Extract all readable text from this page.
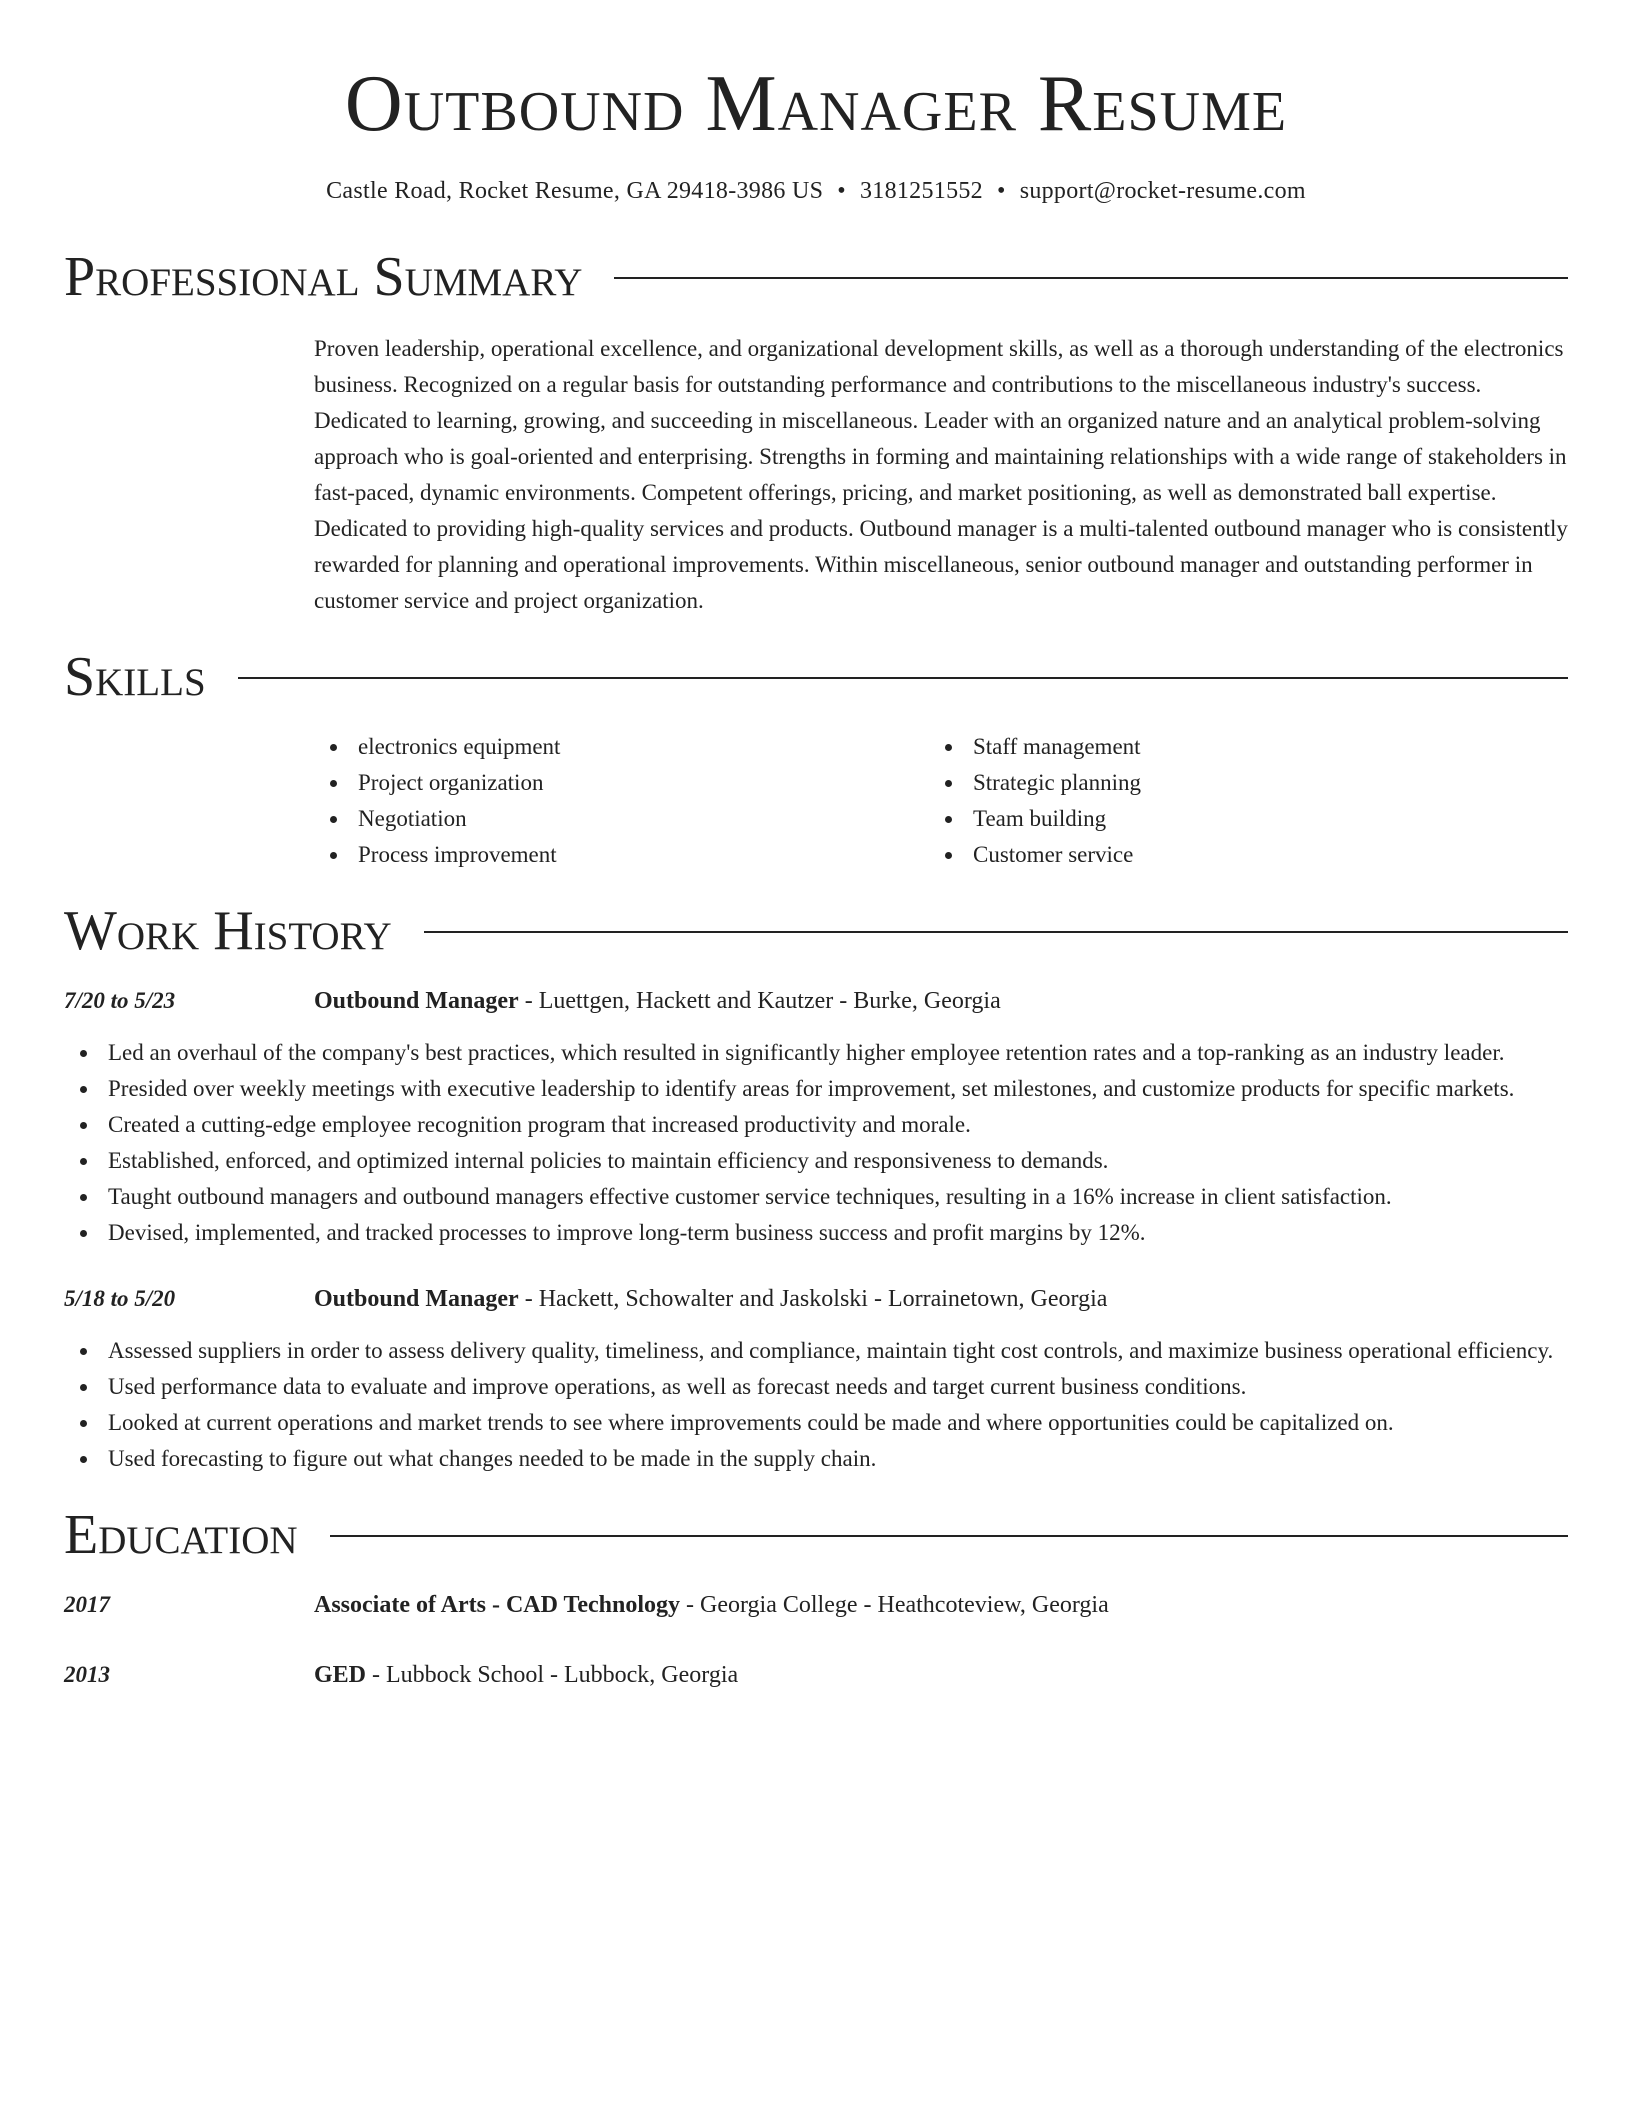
Outbound Manager Resume
Castle Road, Rocket Resume, GA 29418-3986 US • 3181251552 • support@rocket-resume.com
Professional Summary
Proven leadership, operational excellence, and organizational development skills, as well as a thorough understanding of the electronics business. Recognized on a regular basis for outstanding performance and contributions to the miscellaneous industry's success. Dedicated to learning, growing, and succeeding in miscellaneous. Leader with an organized nature and an analytical problem-solving approach who is goal-oriented and enterprising. Strengths in forming and maintaining relationships with a wide range of stakeholders in fast-paced, dynamic environments. Competent offerings, pricing, and market positioning, as well as demonstrated ball expertise. Dedicated to providing high-quality services and products. Outbound manager is a multi-talented outbound manager who is consistently rewarded for planning and operational improvements. Within miscellaneous, senior outbound manager and outstanding performer in customer service and project organization.
Skills
electronics equipment
Project organization
Negotiation
Process improvement
Staff management
Strategic planning
Team building
Customer service
Work History
7/20 to 5/23	Outbound Manager - Luettgen, Hackett and Kautzer - Burke, Georgia
Led an overhaul of the company's best practices, which resulted in significantly higher employee retention rates and a top-ranking as an industry leader.
Presided over weekly meetings with executive leadership to identify areas for improvement, set milestones, and customize products for specific markets.
Created a cutting-edge employee recognition program that increased productivity and morale.
Established, enforced, and optimized internal policies to maintain efficiency and responsiveness to demands.
Taught outbound managers and outbound managers effective customer service techniques, resulting in a 16% increase in client satisfaction.
Devised, implemented, and tracked processes to improve long-term business success and profit margins by 12%.
5/18 to 5/20	Outbound Manager - Hackett, Schowalter and Jaskolski - Lorrainetown, Georgia
Assessed suppliers in order to assess delivery quality, timeliness, and compliance, maintain tight cost controls, and maximize business operational efficiency.
Used performance data to evaluate and improve operations, as well as forecast needs and target current business conditions.
Looked at current operations and market trends to see where improvements could be made and where opportunities could be capitalized on.
Used forecasting to figure out what changes needed to be made in the supply chain.
Education
2017	Associate of Arts - CAD Technology - Georgia College - Heathcoteview, Georgia
2013	GED - Lubbock School - Lubbock, Georgia
